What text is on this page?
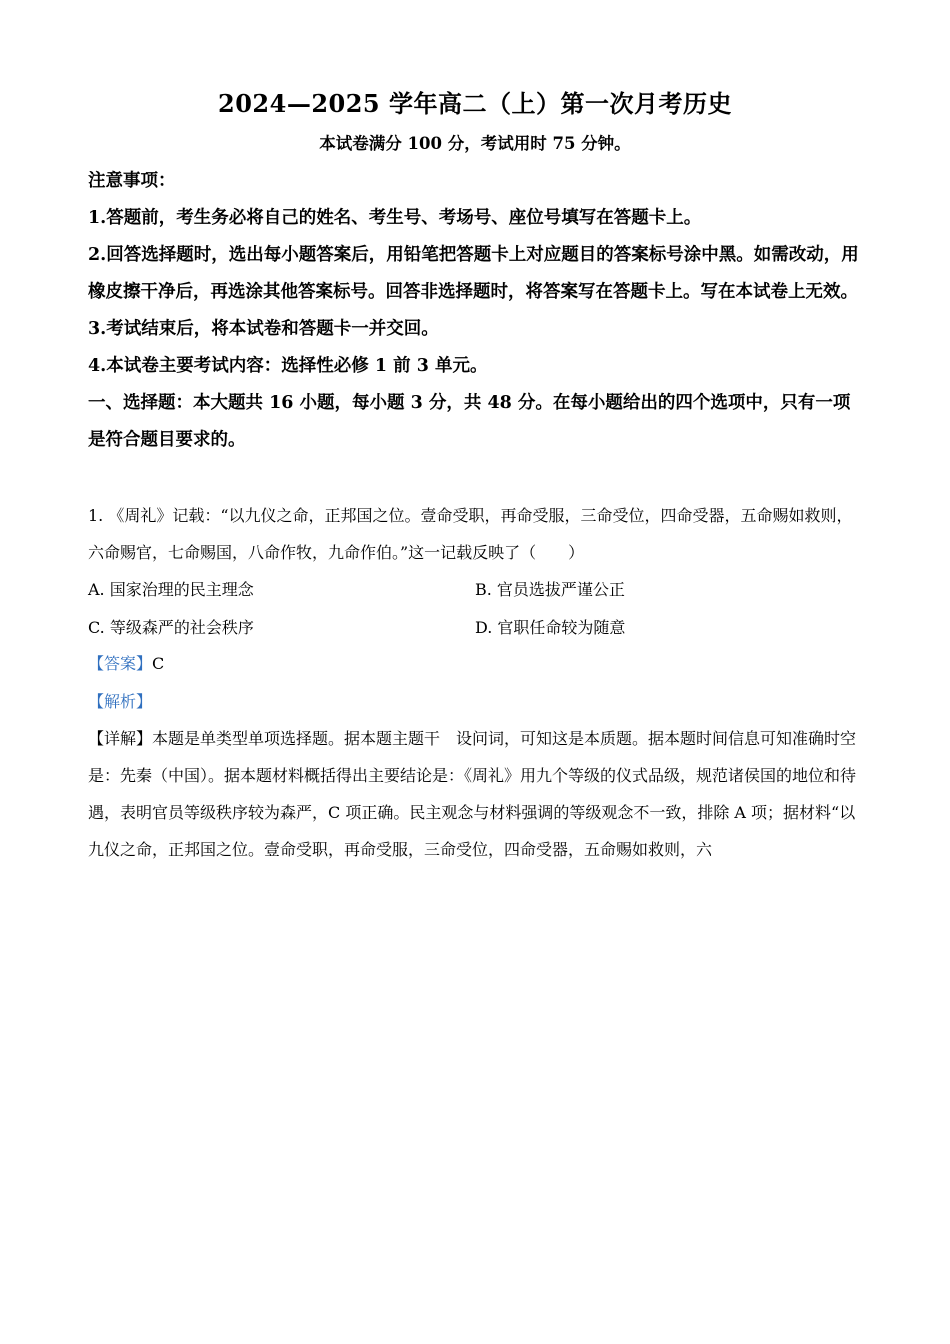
2024—2025 学年高二（上）第一次月考历史
本试卷满分 100 分，考试用时 75 分钟。

注意事项：

1.答题前，考生务必将自己的姓名、考生号、考场号、座位号填写在答题卡上。

2.回答选择题时，选出每小题答案后，用铅笔把答题卡上对应题目的答案标号涂中黑。如需改动，用橡皮擦干净后，再选涂其他答案标号。回答非选择题时，将答案写在答题卡上。写在本试卷上无效。

3.考试结束后，将本试卷和答题卡一并交回。

4.本试卷主要考试内容：选择性必修 1 前 3 单元。

一、选择题：本大题共 16 小题，每小题 3 分，共 48 分。在每小题给出的四个选项中，只有一项是符合题目要求的。

1. 《周礼》记载：“以九仪之命，正邦国之位。壹命受职，再命受服，三命受位，四命受器，五命赐如救则，六命赐官，七命赐国，八命作牧，九命作伯。”这一记载反映了（　　）

A. 国家治理的民主理念	B. 官员选拔严谨公正
C. 等级森严的社会秩序	D. 官职任命较为随意
【答案】C
【解析】

【详解】本题是单类型单项选择题。据本题主题干　设问词，可知这是本质题。据本题时间信息可知准确时空是：先秦（中国）。据本题材料概括得出主要结论是：《周礼》用九个等级的仪式品级，规范诸侯国的地位和待遇，表明官员等级秩序较为森严，C 项正确。民主观念与材料强调的等级观念不一致，排除 A 项；据材料“以九仪之命，正邦国之位。壹命受职，再命受服，三命受位，四命受器，五命赐如救则，六
